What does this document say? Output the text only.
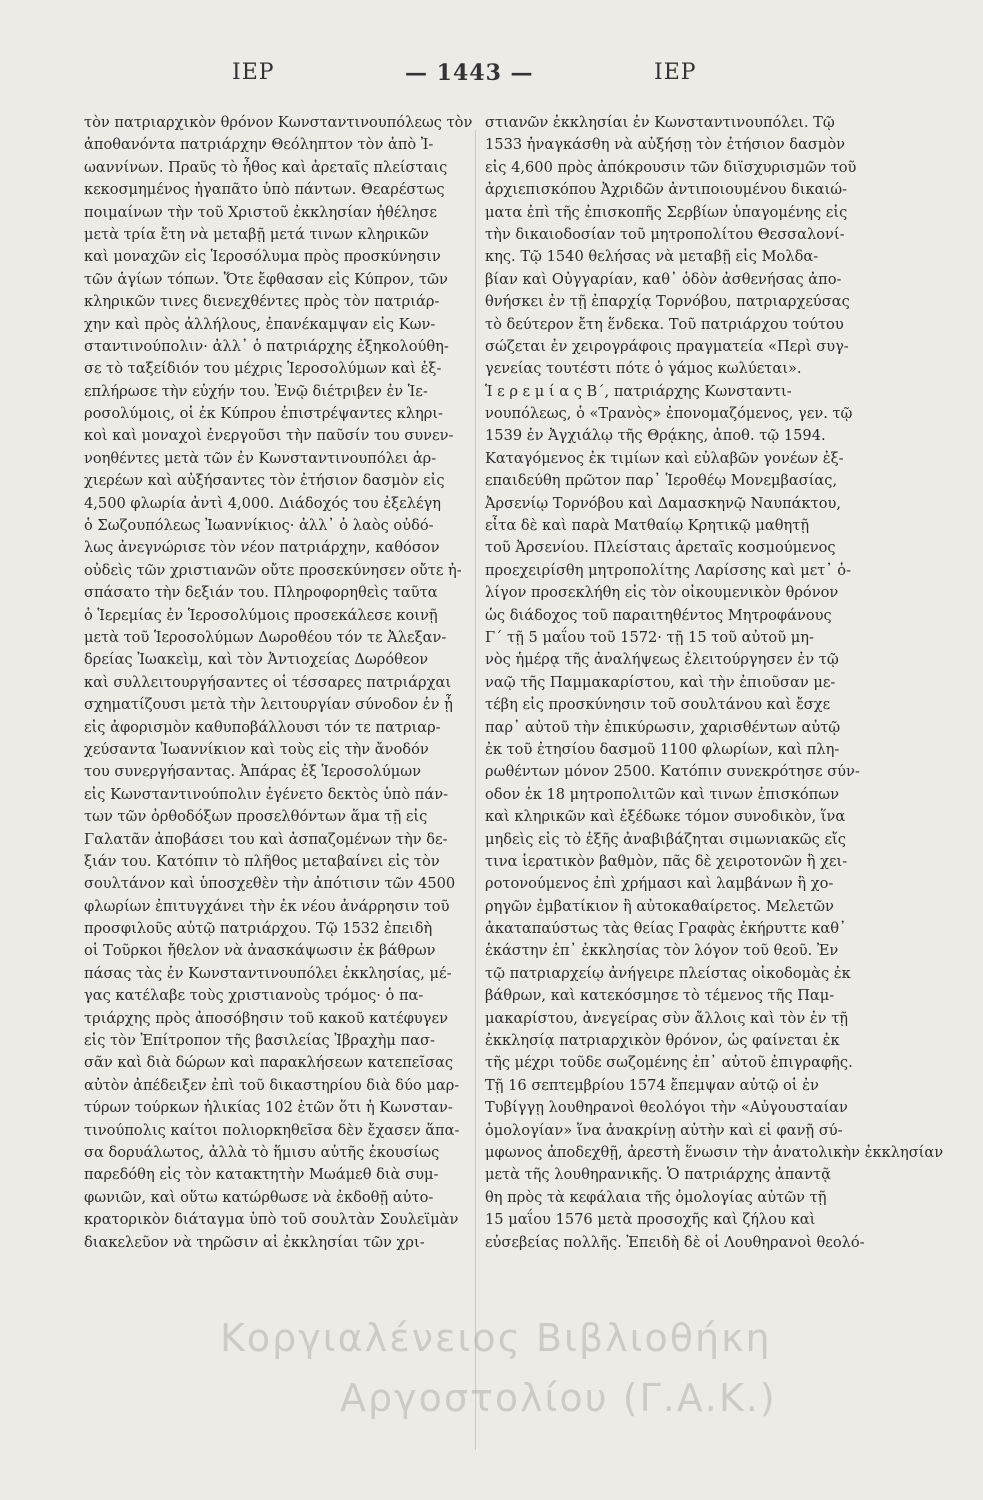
ΙΕΡ	— 1443 —	ΙΕΡ
τὸν πατριαρχικὸν θρόνον Κωνσταντινουπόλεως τὸν
ἀποθανόντα πατριάρχην Θεόληπτον τὸν ἀπὸ Ἰ-
ωαννίνων. Πραῦς τὸ ἦθος καὶ ἀρεταῖς πλείσταις
κεκοσμημένος ἠγαπᾶτο ὑπὸ πάντων. Θεαρέστως
ποιμαίνων τὴν τοῦ Χριστοῦ ἐκκλησίαν ἠθέλησε
μετὰ τρία ἔτη νὰ μεταβῇ μετά τινων κληρικῶν
καὶ μοναχῶν εἰς Ἱεροσόλυμα πρὸς προσκύνησιν
τῶν ἁγίων τόπων. Ὅτε ἔφθασαν εἰς Κύπρον, τῶν
κληρικῶν τινες διενεχθέντες πρὸς τὸν πατριάρ-
χην καὶ πρὸς ἀλλήλους, ἐπανέκαμψαν εἰς Κων-
σταντινούπολιν· ἀλλ᾽ ὁ πατριάρχης ἐξηκολούθη-
σε τὸ ταξείδιόν του μέχρις Ἱεροσολύμων καὶ ἐξ-
επλήρωσε τὴν εὐχήν του. Ἐνῷ διέτριβεν ἐν Ἱε-
ροσολύμοις, οἱ ἐκ Κύπρου ἐπιστρέψαντες κληρι-
κοὶ καὶ μοναχοὶ ἐνεργοῦσι τὴν παῦσίν του συνεν-
νοηθέντες μετὰ τῶν ἐν Κωνσταντινουπόλει ἀρ-
χιερέων καὶ αὐξήσαντες τὸν ἐτήσιον δασμὸν εἰς
4,500 φλωρία ἀντὶ 4,000. Διάδοχός του ἐξελέγη
ὁ Σωζουπόλεως Ἰωαννίκιος· ἀλλ᾽ ὁ λαὸς οὐδό-
λως ἀνεγνώρισε τὸν νέον πατριάρχην, καθόσον
οὐδεὶς τῶν χριστιανῶν οὔτε προσεκύνησεν οὔτε ἠ-
σπάσατο τὴν δεξιάν του. Πληροφορηθεὶς ταῦτα
ὁ Ἱερεμίας ἐν Ἱεροσολύμοις προσεκάλεσε κοινῇ
μετὰ τοῦ Ἱεροσολύμων Δωροθέου τόν τε Ἀλεξαν-
δρείας Ἰωακεὶμ, καὶ τὸν Ἀντιοχείας Δωρόθεον
καὶ συλλειτουργήσαντες οἱ τέσσαρες πατριάρχαι
σχηματίζουσι μετὰ τὴν λειτουργίαν σύνοδον ἐν ᾗ
εἰς ἀφορισμὸν καθυποβάλλουσι τόν τε πατριαρ-
χεύσαντα Ἰωαννίκιον καὶ τοὺς εἰς τὴν ἄνοδόν
του συνεργήσαντας. Ἀπάρας ἐξ Ἱεροσολύμων
εἰς Κωνσταντινούπολιν ἐγένετο δεκτὸς ὑπὸ πάν-
των τῶν ὀρθοδόξων προσελθόντων ἅμα τῇ εἰς
Γαλατᾶν ἀποβάσει του καὶ ἀσπαζομένων τὴν δε-
ξιάν του. Κατόπιν τὸ πλῆθος μεταβαίνει εἰς τὸν
σουλτάνον καὶ ὑποσχεθὲν τὴν ἀπότισιν τῶν 4500
φλωρίων ἐπιτυγχάνει τὴν ἐκ νέου ἀνάρρησιν τοῦ
προσφιλοῦς αὐτῷ πατριάρχου. Τῷ 1532 ἐπειδὴ
οἱ Τοῦρκοι ἤθελον νὰ ἀνασκάψωσιν ἐκ βάθρων
πάσας τὰς ἐν Κωνσταντινουπόλει ἐκκλησίας, μέ-
γας κατέλαβε τοὺς χριστιανοὺς τρόμος· ὁ πα-
τριάρχης πρὸς ἀποσόβησιν τοῦ κακοῦ κατέφυγεν
εἰς τὸν Ἐπίτροπον τῆς βασιλείας Ἰβραχὴμ πασ-
σᾶν καὶ διὰ δώρων καὶ παρακλήσεων κατεπεῖσας
αὐτὸν ἀπέδειξεν ἐπὶ τοῦ δικαστηρίου διὰ δύο μαρ-
τύρων τούρκων ἡλικίας 102 ἐτῶν ὅτι ἡ Κωνσταν-
τινούπολις καίτοι πολιορκηθεῖσα δὲν ἔχασεν ἅπα-
σα δορυάλωτος, ἀλλὰ τὸ ἥμισυ αὐτῆς ἐκουσίως
παρεδόθη εἰς τὸν κατακτητὴν Μωάμεθ διὰ συμ-
φωνιῶν, καὶ οὕτω κατώρθωσε νὰ ἐκδοθῇ αὐτο-
κρατορικὸν διάταγμα ὑπὸ τοῦ σουλτὰν Σουλεϊμὰν
διακελεῦον νὰ τηρῶσιν αἱ ἐκκλησίαι τῶν χρι-
στιανῶν ἐκκλησίαι ἐν Κωνσταντινουπόλει. Τῷ
1533 ἠναγκάσθη νὰ αὐξήσῃ τὸν ἐτήσιον δασμὸν
εἰς 4,600 πρὸς ἀπόκρουσιν τῶν διϊσχυρισμῶν τοῦ
ἀρχιεπισκόπου Ἀχριδῶν ἀντιποιουμένου δικαιώ-
ματα ἐπὶ τῆς ἐπισκοπῆς Σερβίων ὑπαγομένης εἰς
τὴν δικαιοδοσίαν τοῦ μητροπολίτου Θεσσαλονί-
κης. Τῷ 1540 θελήσας νὰ μεταβῇ εἰς Μολδα-
βίαν καὶ Οὐγγαρίαν, καθ᾽ ὁδὸν ἀσθενήσας ἀπο-
θνήσκει ἐν τῇ ἐπαρχίᾳ Τορνόβου, πατριαρχεύσας
τὸ δεύτερον ἔτη ἕνδεκα. Τοῦ πατριάρχου τούτου
σώζεται ἐν χειρογράφοις πραγματεία «Περὶ συγ-
γενείας τουτέστι πότε ὁ γάμος κωλύεται».
Ἱ ε ρ ε μ ί α ς Β΄, πατριάρχης Κωνσταντι-
νουπόλεως, ὁ «Τρανὸς» ἐπονομαζόμενος, γεν. τῷ
1539 ἐν Ἀγχιάλῳ τῆς Θρᾴκης, ἀποθ. τῷ 1594.
Καταγόμενος ἐκ τιμίων καὶ εὐλαβῶν γονέων ἐξ-
επαιδεύθη πρῶτον παρ᾽ Ἱεροθέῳ Μονεμβασίας,
Ἀρσενίῳ Τορνόβου καὶ Δαμασκηνῷ Ναυπάκτου,
εἶτα δὲ καὶ παρὰ Ματθαίῳ Κρητικῷ μαθητῇ
τοῦ Ἀρσενίου. Πλείσταις ἀρεταῖς κοσμούμενος
προεχειρίσθη μητροπολίτης Λαρίσσης καὶ μετ᾽ ὀ-
λίγον προσεκλήθη εἰς τὸν οἰκουμενικὸν θρόνον
ὡς διάδοχος τοῦ παραιτηθέντος Μητροφάνους
Γ΄ τῇ 5 μαΐου τοῦ 1572· τῇ 15 τοῦ αὐτοῦ μη-
νὸς ἡμέρᾳ τῆς ἀναλήψεως ἐλειτούργησεν ἐν τῷ
ναῷ τῆς Παμμακαρίστου, καὶ τὴν ἐπιοῦσαν με-
τέβη εἰς προσκύνησιν τοῦ σουλτάνου καὶ ἔσχε
παρ᾽ αὐτοῦ τὴν ἐπικύρωσιν, χαρισθέντων αὐτῷ
ἐκ τοῦ ἐτησίου δασμοῦ 1100 φλωρίων, καὶ πλη-
ρωθέντων μόνον 2500. Κατόπιν συνεκρότησε σύν-
οδον ἐκ 18 μητροπολιτῶν καὶ τινων ἐπισκόπων
καὶ κληρικῶν καὶ ἐξέδωκε τόμον συνοδικὸν, ἵνα
μηδεὶς εἰς τὸ ἑξῆς ἀναβιβάζηται σιμωνιακῶς εἴς
τινα ἱερατικὸν βαθμὸν, πᾶς δὲ χειροτονῶν ἢ χει-
ροτονούμενος ἐπὶ χρήμασι καὶ λαμβάνων ἢ χο-
ρηγῶν ἐμβατίκιον ἢ αὐτοκαθαίρετος. Μελετῶν
ἀκαταπαύστως τὰς θείας Γραφὰς ἐκήρυττε καθ᾽
ἑκάστην ἐπ᾽ ἐκκλησίας τὸν λόγον τοῦ θεοῦ. Ἐν
τῷ πατριαρχείῳ ἀνήγειρε πλείστας οἰκοδομὰς ἐκ
βάθρων, καὶ κατεκόσμησε τὸ τέμενος τῆς Παμ-
μακαρίστου, ἀνεγείρας σὺν ἄλλοις καὶ τὸν ἐν τῇ
ἐκκλησίᾳ πατριαρχικὸν θρόνον, ὡς φαίνεται ἐκ
τῆς μέχρι τοῦδε σωζομένης ἐπ᾽ αὐτοῦ ἐπιγραφῆς.
Τῇ 16 σεπτεμβρίου 1574 ἔπεμψαν αὐτῷ οἱ ἐν
Τυβίγγῃ λουθηρανοὶ θεολόγοι τὴν «Αὐγουσταίαν
ὁμολογίαν» ἵνα ἀνακρίνῃ αὐτὴν καὶ εἰ φανῇ σύ-
μφωνος ἀποδεχθῇ, ἀρεστὴ ἕνωσιν τὴν ἀνατολικὴν ἐκκλησίαν
μετὰ τῆς λουθηρανικῆς. Ὁ πατριάρχης ἀπαντᾷ
θη πρὸς τὰ κεφάλαια τῆς ὁμολογίας αὐτῶν τῇ
15 μαΐου 1576 μετὰ προσοχῆς καὶ ζήλου καὶ
εὐσεβείας πολλῆς. Ἐπειδὴ δὲ οἱ Λουθηρανοὶ θεολό-
Κοργιαλένειος Βιβλιοθήκη
Αργοστολίου (Γ.Α.Κ.)
